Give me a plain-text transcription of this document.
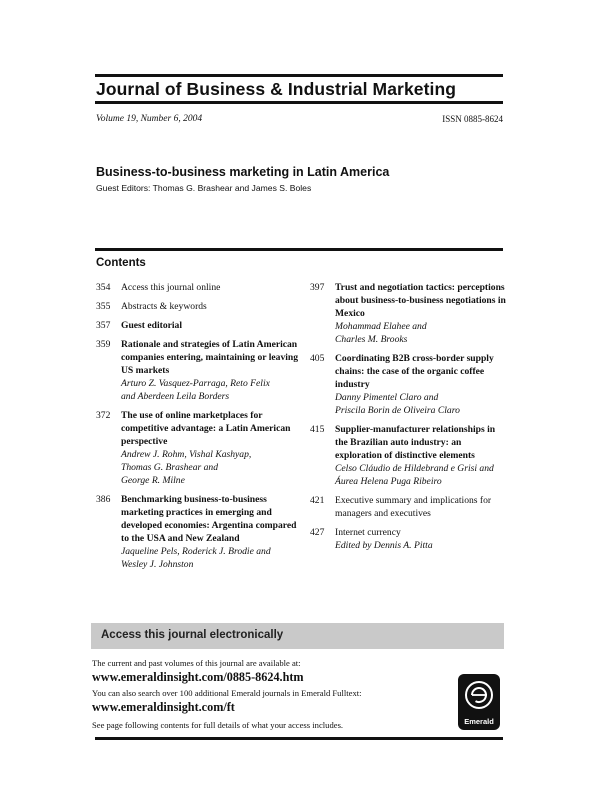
Journal of Business & Industrial Marketing
Volume 19, Number 6, 2004	ISSN 0885-8624
Business-to-business marketing in Latin America
Guest Editors: Thomas G. Brashear and James S. Boles
Contents
354	Access this journal online
355	Abstracts & keywords
357	Guest editorial
359	Rationale and strategies of Latin American companies entering, maintaining or leaving US markets
Arturo Z. Vasquez-Parraga, Reto Felix
and Aberdeen Leila Borders
372	The use of online marketplaces for competitive advantage: a Latin American perspective
Andrew J. Rohm, Vishal Kashyap,
Thomas G. Brashear and
George R. Milne
386	Benchmarking business-to-business marketing practices in emerging and developed economies: Argentina compared to the USA and New Zealand
Jaqueline Pels, Roderick J. Brodie and
Wesley J. Johnston
397	Trust and negotiation tactics: perceptions about business-to-business negotiations in Mexico
Mohammad Elahee and
Charles M. Brooks
405	Coordinating B2B cross-border supply chains: the case of the organic coffee industry
Danny Pimentel Claro and
Priscila Borin de Oliveira Claro
415	Supplier-manufacturer relationships in the Brazilian auto industry: an exploration of distinctive elements
Celso Cláudio de Hildebrand e Grisi and
Áurea Helena Puga Ribeiro
421	Executive summary and implications for managers and executives
427	Internet currency
Edited by Dennis A. Pitta
Access this journal electronically
The current and past volumes of this journal are available at:
www.emeraldinsight.com/0885-8624.htm
You can also search over 100 additional Emerald journals in Emerald Fulltext:
www.emeraldinsight.com/ft
See page following contents for full details of what your access includes.	Emerald
